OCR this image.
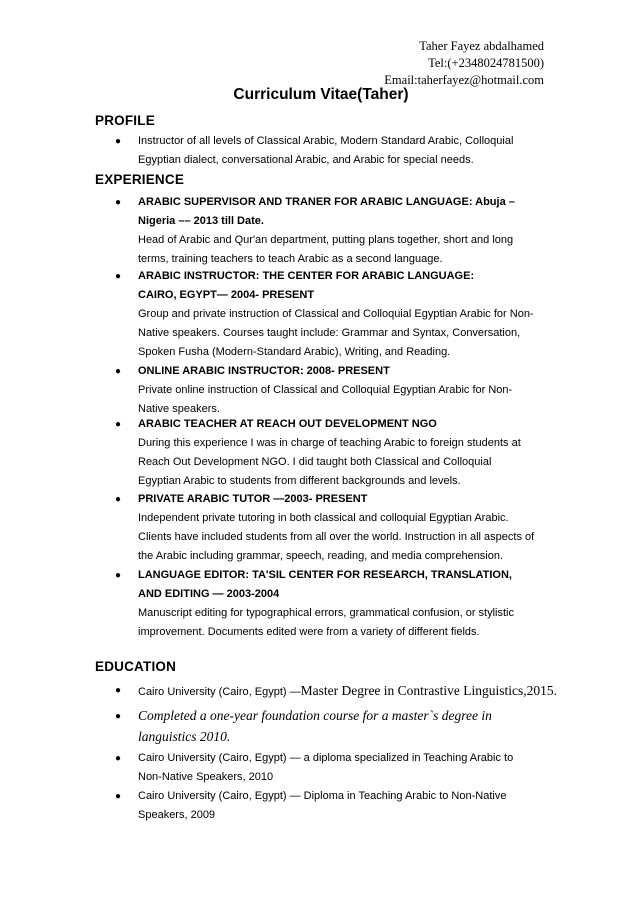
Taher Fayez abdalhamed
Tel:(+2348024781500)
Email:taherfayez@hotmail.com
Curriculum Vitae(Taher)
PROFILE
● Instructor of all levels of Classical Arabic, Modern Standard Arabic, Colloquial Egyptian dialect, conversational Arabic, and Arabic for special needs.
EXPERIENCE
● ARABIC SUPERVISOR AND TRANER FOR ARABIC LANGUAGE: Abuja –Nigeria –– 2013 till Date.
Head of Arabic and Qur'an department, putting plans together, short and long terms, training teachers to teach Arabic as a second language.
● ARABIC INSTRUCTOR: THE CENTER FOR ARABIC LANGUAGE: CAIRO, EGYPT— 2004- PRESENT
Group and private instruction of Classical and Colloquial Egyptian Arabic for Non-Native speakers. Courses taught include: Grammar and Syntax, Conversation, Spoken Fusha (Modern-Standard Arabic), Writing, and Reading.
● ONLINE ARABIC INSTRUCTOR: 2008- PRESENT
Private online instruction of Classical and Colloquial Egyptian Arabic for Non-Native speakers.
● ARABIC TEACHER AT REACH OUT DEVELOPMENT NGO
During this experience I was in charge of teaching Arabic to foreign students at Reach Out Development NGO. I did taught both Classical and Colloquial Egyptian Arabic to students from different backgrounds and levels.
● PRIVATE ARABIC TUTOR —2003- PRESENT
Independent private tutoring in both classical and colloquial Egyptian Arabic. Clients have included students from all over the world. Instruction in all aspects of the Arabic including grammar, speech, reading, and media comprehension.
● LANGUAGE EDITOR: TA'SIL CENTER FOR RESEARCH, TRANSLATION, AND EDITING — 2003-2004
Manuscript editing for typographical errors, grammatical confusion, or stylistic improvement. Documents edited were from a variety of different fields.
EDUCATION
● Cairo University (Cairo, Egypt) —Master Degree in Contrastive Linguistics,2015.
● Completed a one-year foundation course for a master`s degree in languistics 2010.
● Cairo University (Cairo, Egypt) — a diploma specialized in Teaching Arabic to Non-Native Speakers, 2010
● Cairo University (Cairo, Egypt) — Diploma in Teaching Arabic to Non-Native Speakers, 2009
